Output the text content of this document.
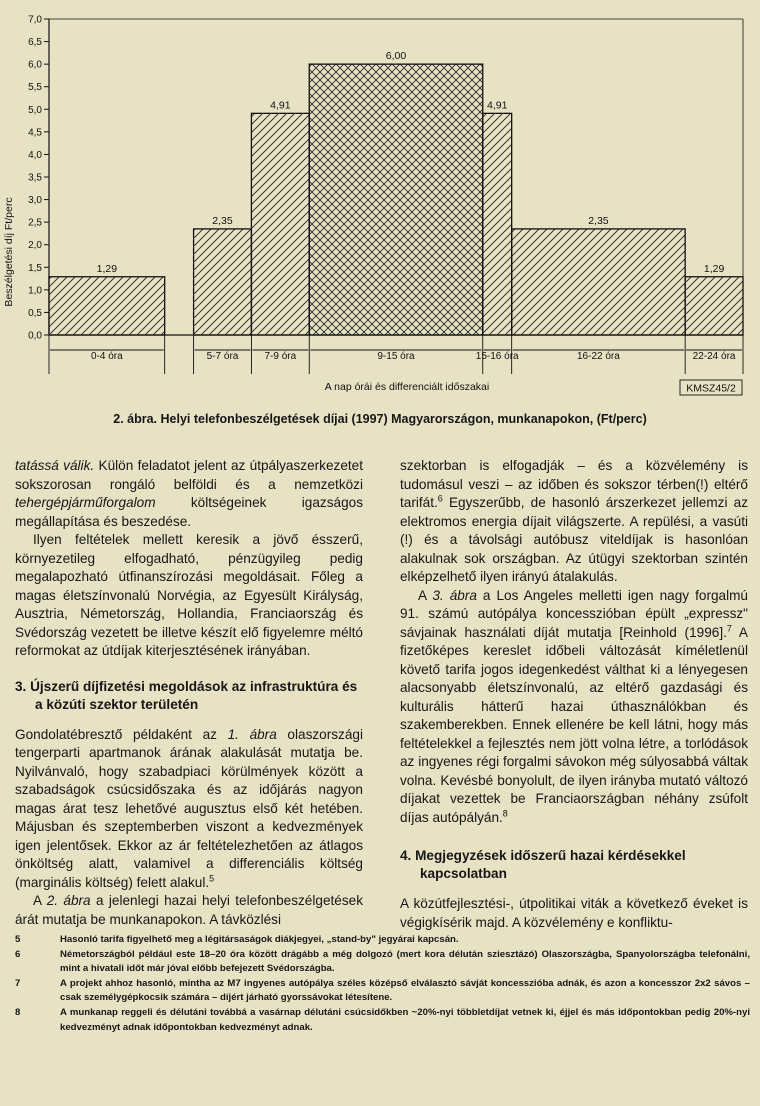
0,0
0,5
1,0
1,5
2,0
2,5
3,0
3,5
4,0
4,5
5,0
5,5
6,0
6,5
7,0
1,29
2,35
4,91
6,00
4,91
2,35
1,29
0-4 óra	5-7 óra	7-9 óra	9-15 óra	15-16 óra	16-22 óra	22-24 óra
Beszélgetési díj Ft/perc
A nap órái és differenciált időszakai	KMSZ45/2

2. ábra. Helyi telefonbeszélgetések díjai (1997) Magyarországon, munkanapokon, (Ft/perc)

tatássá válik. Külön feladatot jelent az útpályaszerkezetet sokszorosan rongáló belföldi és a nemzetközi tehergépjárműforgalom költségeinek igazságos megállapítása és beszedése.

Ilyen feltételek mellett keresik a jövő ésszerű, környezetileg elfogadható, pénzügyileg pedig megalapozható útfinanszírozási megoldásait. Főleg a magas életszínvonalú Norvégia, az Egyesült Királyság, Ausztria, Németország, Hollandia, Franciaország és Svédország vezetett be illetve készít elő figyelemre méltó reformokat az útdíjak kiterjesztésének irányában.

3. Újszerű díjfizetési megoldások az infrastruktúra és a közúti szektor területén

Gondolatébresztő példaként az 1. ábra olaszországi tengerparti apartmanok árának alakulását mutatja be. Nyilvánvaló, hogy szabadpiaci körülmények között a szabadságok csúcsidőszaka és az időjárás nagyon magas árat tesz lehetővé augusztus első két hetében. Májusban és szeptemberben viszont a kedvezmények igen jelentősek. Ekkor az ár feltételezhetően az átlagos önköltség alatt, valamivel a differenciális költség (marginális költség) felett alakul.$^5$

A 2. ábra a jelenlegi hazai helyi telefonbeszélgetések árát mutatja be munkanapokon. A távközlési

szektorban is elfogadják – és a közvélemény is tudomásul veszi – az időben és sokszor térben(!) eltérő tarifát.$^6$ Egyszerűbb, de hasonló árszerkezet jellemzi az elektromos energia díjait világszerte. A repülési, a vasúti (!) és a távolsági autóbusz viteldíjak is hasonlóan alakulnak sok országban. Az útügyi szektorban szintén elképzelhető ilyen irányú átalakulás.

A 3. ábra a Los Angeles melletti igen nagy forgalmú 91. számú autópálya koncesszióban épült „expressz" sávjainak használati díját mutatja [Reinhold (1996].$^7$ A fizetőképes kereslet időbeli változását kíméletlenül követő tarifa jogos idegenkedést válthat ki a lényegesen alacsonyabb életszínvonalú, az eltérő gazdasági és kulturális hátterű hazai úthasználókban és szakemberekben. Ennek ellenére be kell látni, hogy más feltételekkel a fejlesztés nem jött volna létre, a torlódások az ingyenes régi forgalmi sávokon még súlyosabbá váltak volna. Kevésbé bonyolult, de ilyen irányba mutató változó díjakat vezettek be Franciaországban néhány zsúfolt díjas autópályán.$^8$

4. Megjegyzések időszerű hazai kérdésekkel kapcsolatban

A közútfejlesztési-, útpolitikai viták a következő éveket is végigkísérik majd. A közvélemény e konfliktu-

5	Hasonló tarifa figyelhető meg a légitársaságok diákjegyei, „stand-by" jegyárai kapcsán.
6	Németországból például este 18–20 óra között drágább a még dolgozó (mert kora délután sziesztázó) Olaszországba, Spanyolországba telefonálni, mint a hivatali időt már jóval előbb befejezett Svédországba.
7	A projekt ahhoz hasonló, mintha az M7 ingyenes autópálya széles középső elválasztó sávját koncesszióba adnák, és azon a koncesszor 2x2 sávos – csak személygépkocsik számára – díjért járható gyorssávokat létesítene.
8	A munkanap reggeli és délutáni továbbá a vasárnap délutáni csúcsidőkben ~20%-nyi többletdíjat vetnek ki, éjjel és más időpontokban pedig 20%-nyi kedvezményt adnak időpontokban kedvezményt adnak.
